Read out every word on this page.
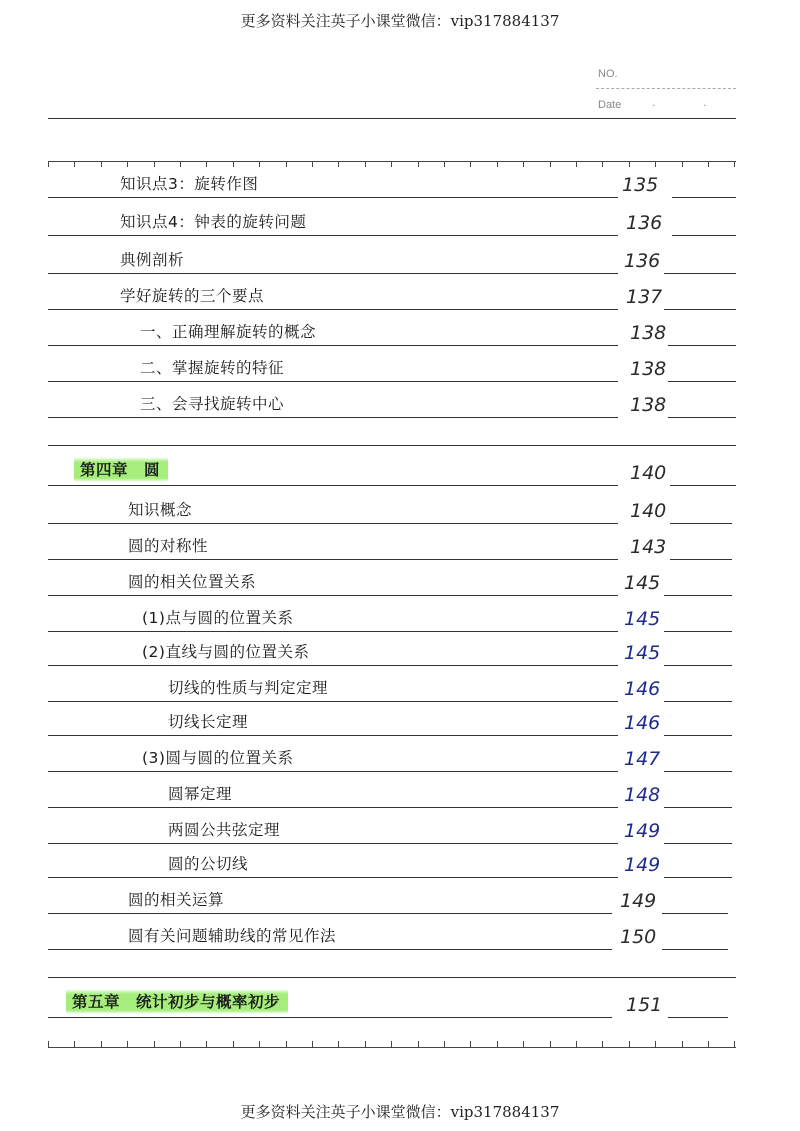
更多资料关注英子小课堂微信：vip317884137
NO.
Date	· ·
知识点3：旋转作图	135
知识点4：钟表的旋转问题	136
典例剖析	136
学好旋转的三个要点	137
一、正确理解旋转的概念	138
二、掌握旋转的特征	138
三、会寻找旋转中心	138
第四章　圆	140
知识概念	140
圆的对称性	143
圆的相关位置关系	145
(1)点与圆的位置关系	145
(2)直线与圆的位置关系	145
切线的性质与判定定理	146
切线长定理	146
(3)圆与圆的位置关系	147
圆幂定理	148
两圆公共弦定理	149
圆的公切线	149
圆的相关运算	149
圆有关问题辅助线的常见作法	150
第五章　统计初步与概率初步	151
更多资料关注英子小课堂微信：vip317884137
